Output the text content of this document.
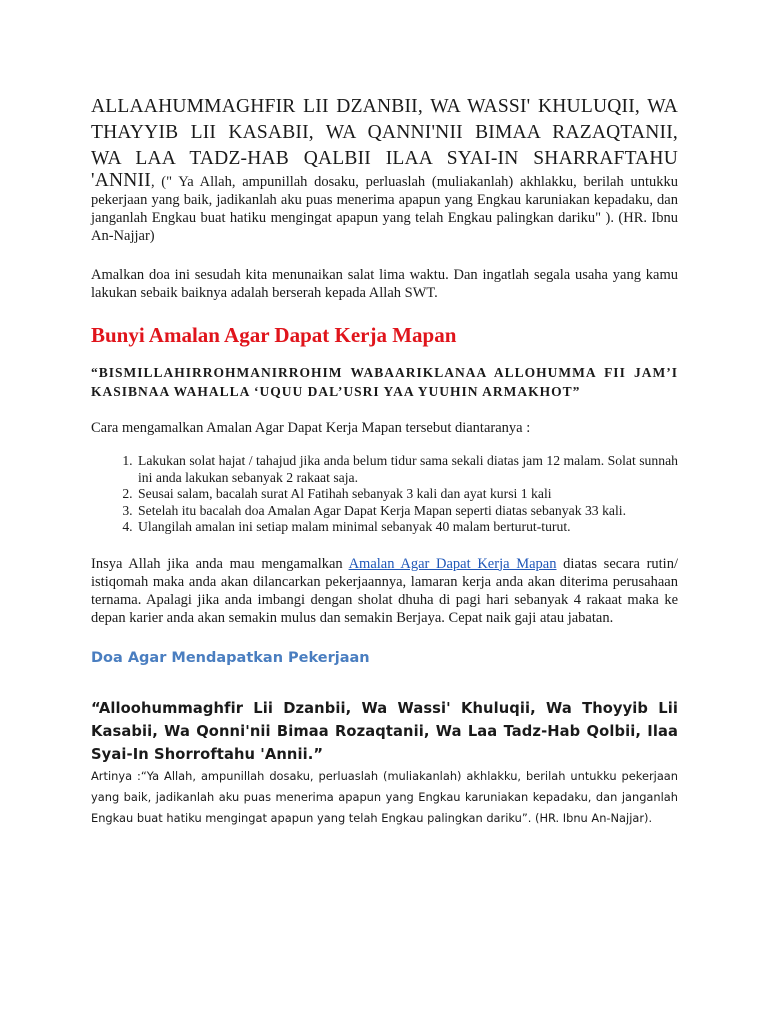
ALLAAHUMMAGHFIR LII DZANBII, WA WASSI' KHULUQII, WA

THAYYIB LII KASABII, WA QANNI'NII BIMAA RAZAQTANII,

WA LAA TADZ-HAB QALBII ILAA SYAI-IN SHARRAFTAHU

'ANNII, (" Ya Allah, ampunillah dosaku, perluaslah (muliakanlah) akhlakku, berilah untukku pekerjaan yang baik, jadikanlah aku puas menerima apapun yang Engkau karuniakan kepadaku, dan janganlah Engkau buat hatiku mengingat apapun yang telah Engkau palingkan dariku" ). (HR. Ibnu An-Najjar)

Amalkan doa ini sesudah kita menunaikan salat lima waktu. Dan ingatlah segala usaha yang kamu lakukan sebaik baiknya adalah berserah kepada Allah SWT.

Bunyi Amalan Agar Dapat Kerja Mapan

“BISMILLAHIRROHMANIRROHIM WABAARIKLANAA ALLOHUMMA FII JAM’I KASIBNAA WAHALLA ‘UQUU DAL’USRI YAA YUUHIN ARMAKHOT”

Cara mengamalkan Amalan Agar Dapat Kerja Mapan tersebut diantaranya :

1. Lakukan solat hajat / tahajud jika anda belum tidur sama sekali diatas jam 12 malam. Solat sunnah ini anda lakukan sebanyak 2 rakaat saja.
2. Seusai salam, bacalah surat Al Fatihah sebanyak 3 kali dan ayat kursi 1 kali
3. Setelah itu bacalah doa Amalan Agar Dapat Kerja Mapan seperti diatas sebanyak 33 kali.
4. Ulangilah amalan ini setiap malam minimal sebanyak 40 malam berturut-turut.

Insya Allah jika anda mau mengamalkan Amalan Agar Dapat Kerja Mapan diatas secara rutin/ istiqomah maka anda akan dilancarkan pekerjaannya, lamaran kerja anda akan diterima perusahaan ternama. Apalagi jika anda imbangi dengan sholat dhuha di pagi hari sebanyak 4 rakaat maka ke depan karier anda akan semakin mulus dan semakin Berjaya. Cepat naik gaji atau jabatan.

Doa Agar Mendapatkan Pekerjaan

“Alloohummaghfir Lii Dzanbii, Wa Wassi' Khuluqii, Wa Thoyyib Lii Kasabii, Wa Qonni'nii Bimaa Rozaqtanii, Wa Laa Tadz-Hab Qolbii, Ilaa Syai-In Shorroftahu 'Annii.”

Artinya :“Ya Allah, ampunillah dosaku, perluaslah (muliakanlah) akhlakku, berilah untukku pekerjaan yang baik, jadikanlah aku puas menerima apapun yang Engkau karuniakan kepadaku, dan janganlah Engkau buat hatiku mengingat apapun yang telah Engkau palingkan dariku”. (HR. Ibnu An-Najjar).
